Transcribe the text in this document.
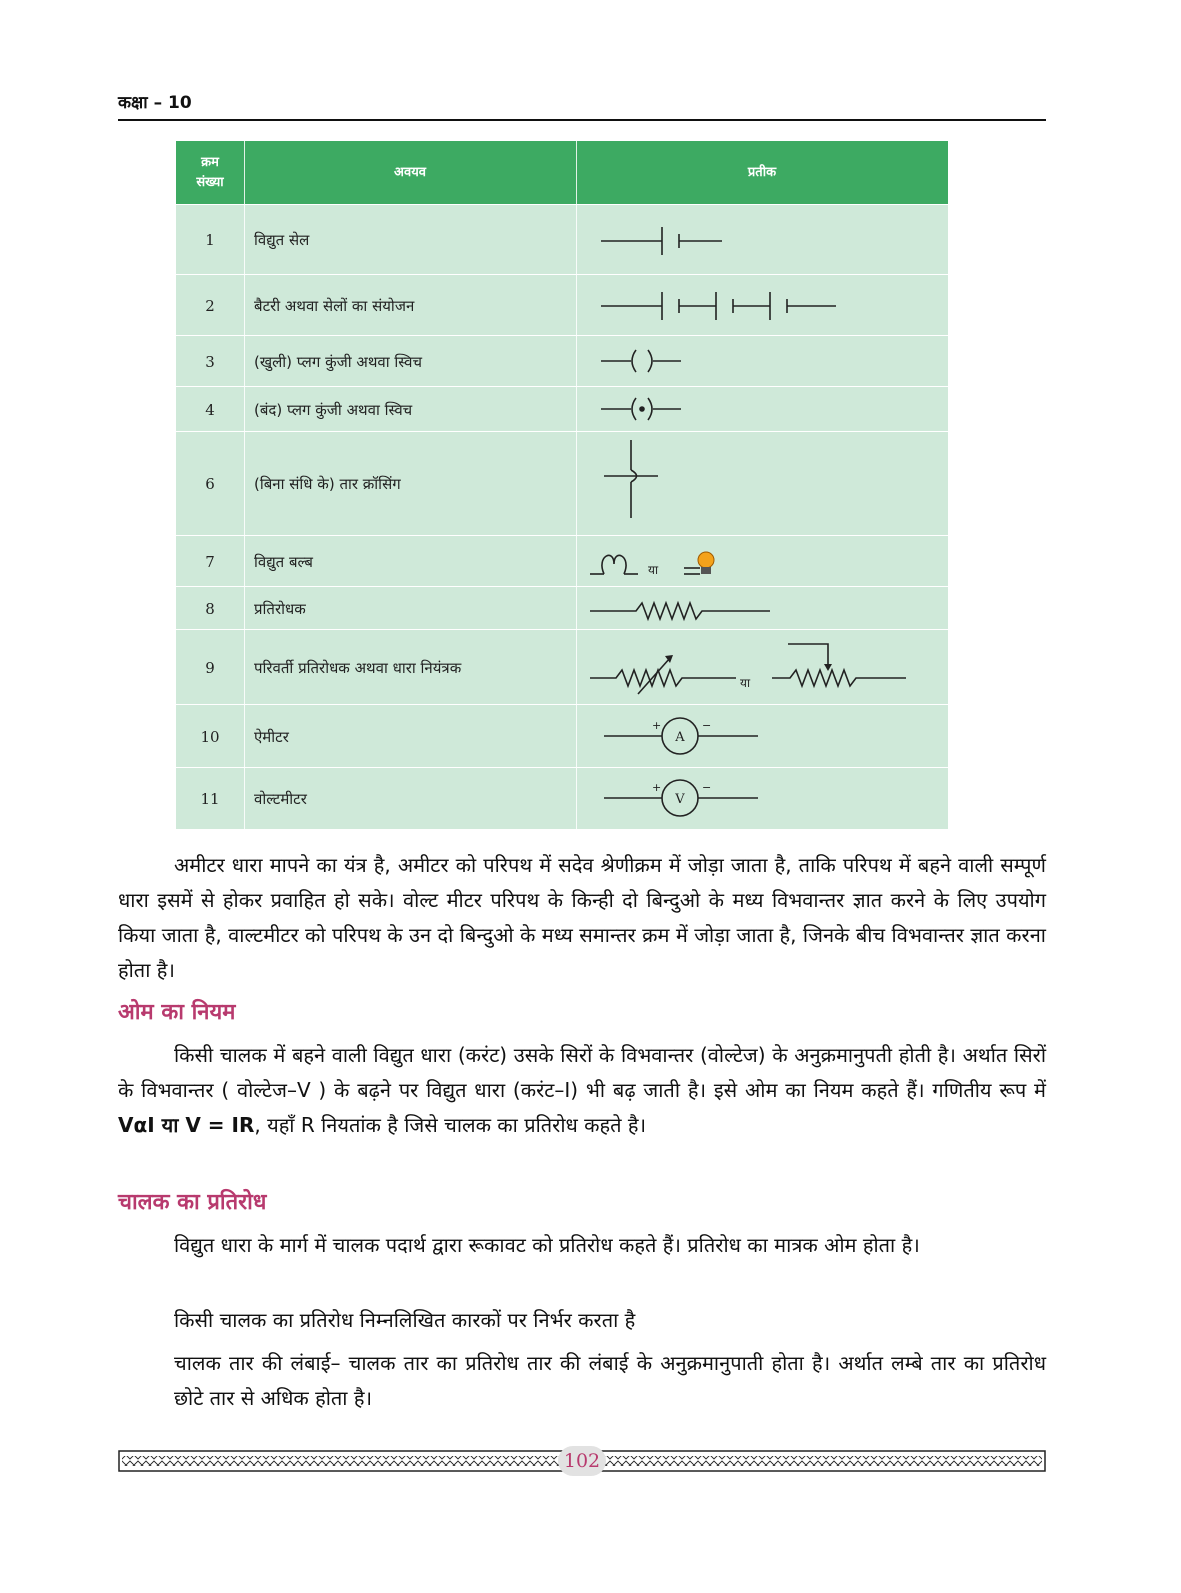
कक्षा – 10
क्रम
संख्या
अवयव	प्रतीक
1	विद्युत सेल
2	बैटरी अथवा सेलों का संयोजन
3	(खुली) प्लग कुंजी अथवा स्विच
4	(बंद) प्लग कुंजी अथवा स्विच
6	(बिना संधि के) तार क्रॉसिंग
7	विद्युत बल्ब	या
8	प्रतिरोधक
9	परिवर्ती प्रतिरोधक अथवा धारा नियंत्रक
या
10	ऐमीटर
+	−
A
11	वोल्टमीटर
+	−
V

अमीटर धारा मापने का यंत्र है, अमीटर को परिपथ में सदेव श्रेणीक्रम में जोड़ा जाता है, ताकि परिपथ में बहने वाली सम्पूर्ण धारा इसमें से होकर प्रवाहित हो सके। वोल्ट मीटर परिपथ के किन्ही दो बिन्दुओ के मध्य विभवान्तर ज्ञात करने के लिए उपयोग किया जाता है, वाल्टमीटर को परिपथ के उन दो बिन्दुओ के मध्य समान्तर क्रम में जोड़ा जाता है, जिनके बीच विभवान्तर ज्ञात करना होता है।

ओम का नियम

किसी चालक में बहने वाली विद्युत धारा (करंट) उसके सिरों के विभवान्तर (वोल्टेज) के अनुक्रमानुपती होती है। अर्थात सिरों के विभवान्तर ( वोल्टेज–V ) के बढ़ने पर विद्युत धारा (करंट–I) भी बढ़ जाती है। इसे ओम का नियम कहते हैं। गणितीय रूप में VαI या V = IR, यहाँ R नियतांक है जिसे चालक का प्रतिरोध कहते है।

चालक का प्रतिरोध

विद्युत धारा के मार्ग में चालक पदार्थ द्वारा रूकावट को प्रतिरोध कहते हैं। प्रतिरोध का मात्रक ओम होता है।

किसी चालक का प्रतिरोध निम्नलिखित कारकों पर निर्भर करता है
चालक तार की लंबाई– चालक तार का प्रतिरोध तार की लंबाई के अनुक्रमानुपाती होता है। अर्थात लम्बे तार का प्रतिरोध छोटे तार से अधिक होता है।
102
